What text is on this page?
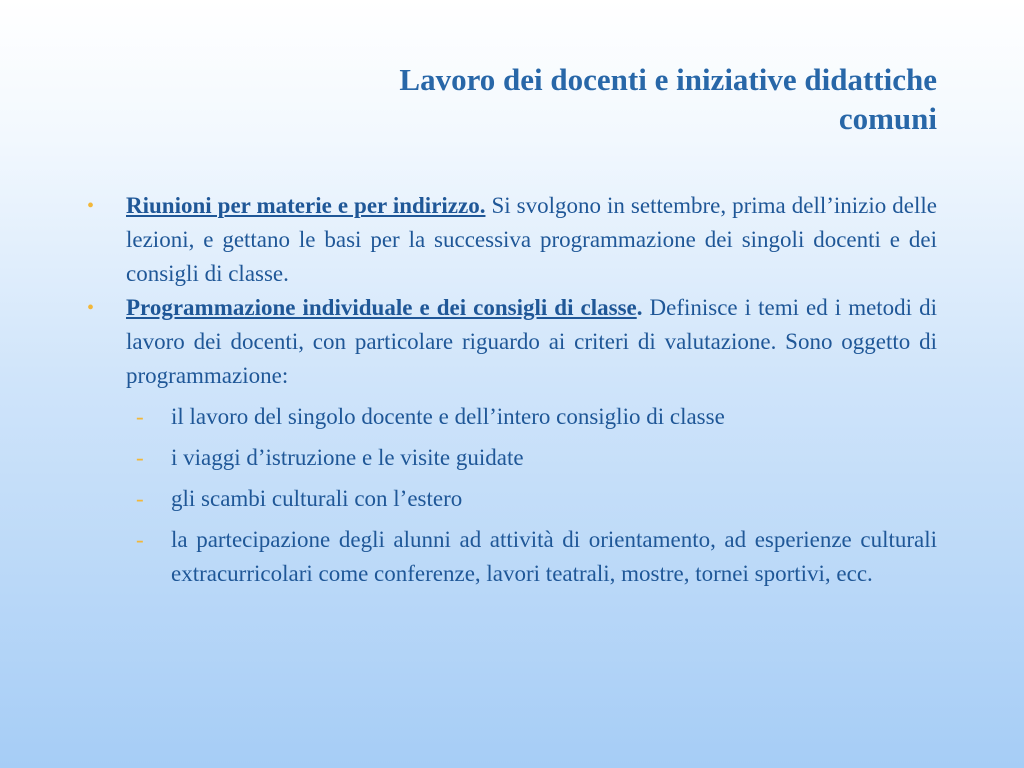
Lavoro dei docenti e iniziative didattiche
comuni
• Riunioni per materie e per indirizzo. Si svolgono in settembre, prima dell’inizio delle lezioni, e gettano le basi per la successiva programmazione dei singoli docenti e dei consigli di classe.
• Programmazione individuale e dei consigli di classe. Definisce i temi ed i metodi di lavoro dei docenti, con particolare riguardo ai criteri di valutazione. Sono oggetto di programmazione:
- il lavoro del singolo docente e dell’intero consiglio di classe
- i viaggi d’istruzione e le visite guidate
- gli scambi culturali con l’estero
- la partecipazione degli alunni ad attività di orientamento, ad esperienze culturali extracurricolari come conferenze, lavori teatrali, mostre, tornei sportivi, ecc.
